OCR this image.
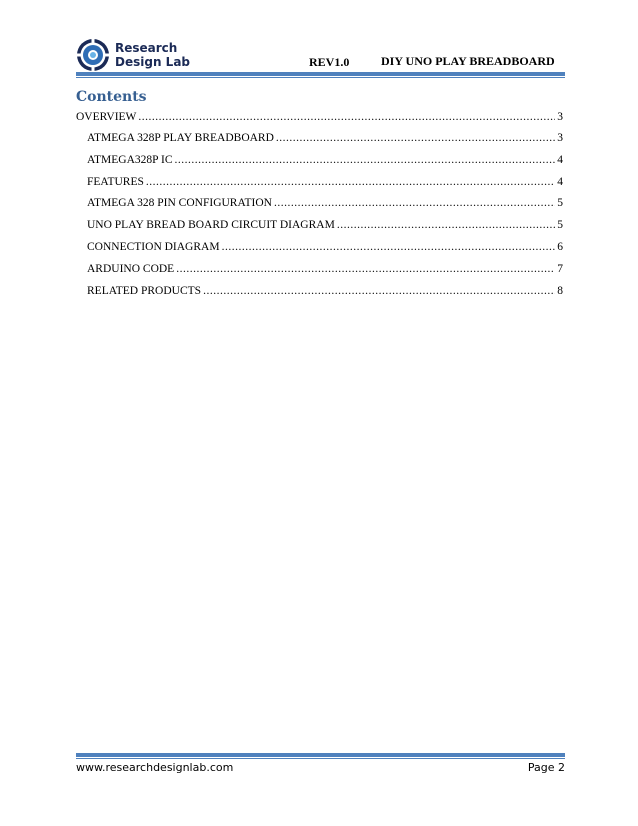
Research
Design Lab	REV1.0	DIY UNO PLAY BREADBOARD
Contents
OVERVIEW .....	3
ATMEGA 328P PLAY BREADBOARD .....	3
ATMEGA328P IC .....	4
FEATURES .....	4
ATMEGA 328 PIN CONFIGURATION .....	5
UNO PLAY BREAD BOARD CIRCUIT DIAGRAM .....	5
CONNECTION DIAGRAM .....	6
ARDUINO CODE .....	7
RELATED PRODUCTS .....	8
www.researchdesignlab.com	Page 2
